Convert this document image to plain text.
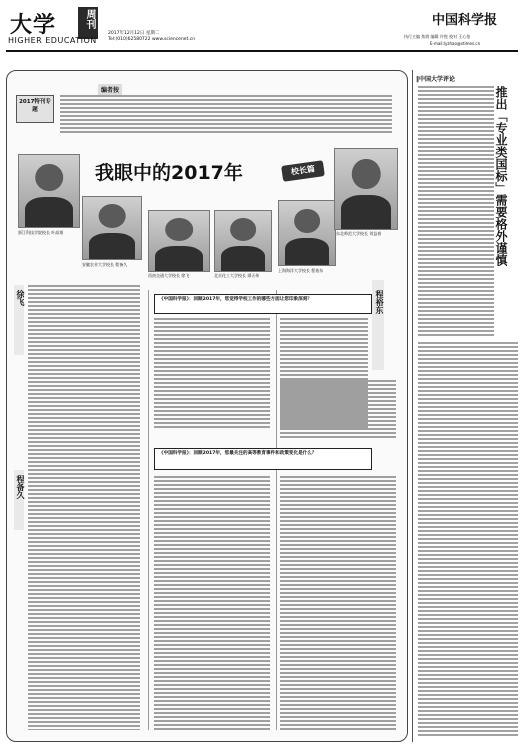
大学	周刊
HIGHER EDUCATION
2017年12月12日 星期二
Tel:(010)62580722 www.sciencenet.cn
中国科学报
执行主编 焦润 编辑 许悦 校对 王心怡
E-mail:lyzhao@stimes.cn
2017特刊专题
编者按
浙江科技学院校长 叶高翔
安徽农业大学校长 程备久
西南交通大学校长 徐飞	北京化工大学校长 谭天伟
上海海洋大学校长 程裕东
东北师范大学校长 刘益春
我眼中的2017年	校长篇
徐飞	程裕东
程备久
《中国科学报》：回顾2017年，您觉得学校工作的哪些方面让您印象深刻？
《中国科学报》：回顾2017年，您最关注的高等教育事件和政策变化是什么？
‖中国大学评论
推出「专业类国标」需要格外谨慎
